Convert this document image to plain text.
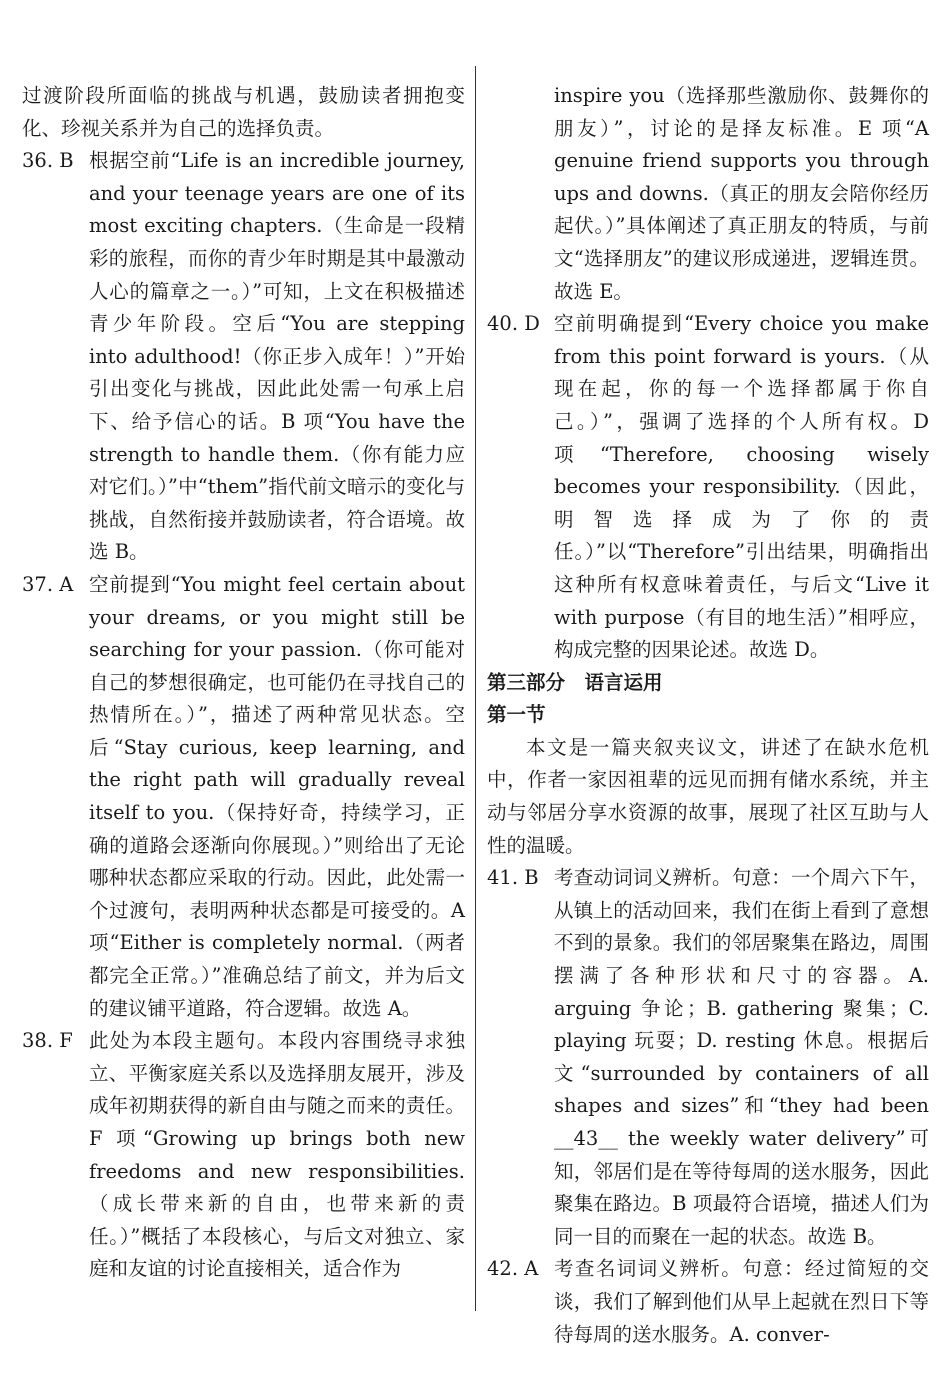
过渡阶段所面临的挑战与机遇，鼓励读者拥抱变化、珍视关系并为自己的选择负责。

36. B 根据空前“Life is an incredible journey, and your teenage years are one of its most exciting chapters.（生命是一段精彩的旅程，而你的青少年时期是其中最激动人心的篇章之一。）”可知，上文在积极描述青少年阶段。空后“You are stepping into adulthood!（你正步入成年！）”开始引出变化与挑战，因此此处需一句承上启下、给予信心的话。B 项“You have the strength to handle them.（你有能力应对它们。）”中“them”指代前文暗示的变化与挑战，自然衔接并鼓励读者，符合语境。故选 B。

37. A 空前提到“You might feel certain about your dreams, or you might still be searching for your passion.（你可能对自己的梦想很确定，也可能仍在寻找自己的热情所在。）”，描述了两种常见状态。空后“Stay curious, keep learning, and the right path will gradually reveal itself to you.（保持好奇，持续学习，正确的道路会逐渐向你展现。）”则给出了无论哪种状态都应采取的行动。因此，此处需一个过渡句，表明两种状态都是可接受的。A 项“Either is completely normal.（两者都完全正常。）”准确总结了前文，并为后文的建议铺平道路，符合逻辑。故选 A。

38. F 此处为本段主题句。本段内容围绕寻求独立、平衡家庭关系以及选择朋友展开，涉及成年初期获得的新自由与随之而来的责任。F 项“Growing up brings both new freedoms and new responsibilities.（成长带来新的自由，也带来新的责任。）”概括了本段核心，与后文对独立、家庭和友谊的讨论直接相关，适合作为

inspire you（选择那些激励你、鼓舞你的朋友）”，讨论的是择友标准。E 项“A genuine friend supports you through ups and downs.（真正的朋友会陪你经历起伏。）”具体阐述了真正朋友的特质，与前文“选择朋友”的建议形成递进，逻辑连贯。故选 E。

40. D 空前明确提到“Every choice you make from this point forward is yours.（从现在起，你的每一个选择都属于你自己。）”，强调了选择的个人所有权。D 项“Therefore, choosing wisely becomes your responsibility.（因此，明智选择成为了你的责任。）”以“Therefore”引出结果，明确指出这种所有权意味着责任，与后文“Live it with purpose（有目的地生活）”相呼应，构成完整的因果论述。故选 D。

第三部分　语言运用

第一节

本文是一篇夹叙夹议文，讲述了在缺水危机中，作者一家因祖辈的远见而拥有储水系统，并主动与邻居分享水资源的故事，展现了社区互助与人性的温暖。

41. B 考查动词词义辨析。句意：一个周六下午，从镇上的活动回来，我们在街上看到了意想不到的景象。我们的邻居聚集在路边，周围摆满了各种形状和尺寸的容器。A. arguing 争论；B. gathering 聚集；C. playing 玩耍；D. resting 休息。根据后文“surrounded by containers of all shapes and sizes”和“they had been __43__ the weekly water delivery”可知，邻居们是在等待每周的送水服务，因此聚集在路边。B 项最符合语境，描述人们为同一目的而聚在一起的状态。故选 B。

42. A 考查名词词义辨析。句意：经过简短的交谈，我们了解到他们从早上起就在烈日下等待每周的送水服务。A. conver-
